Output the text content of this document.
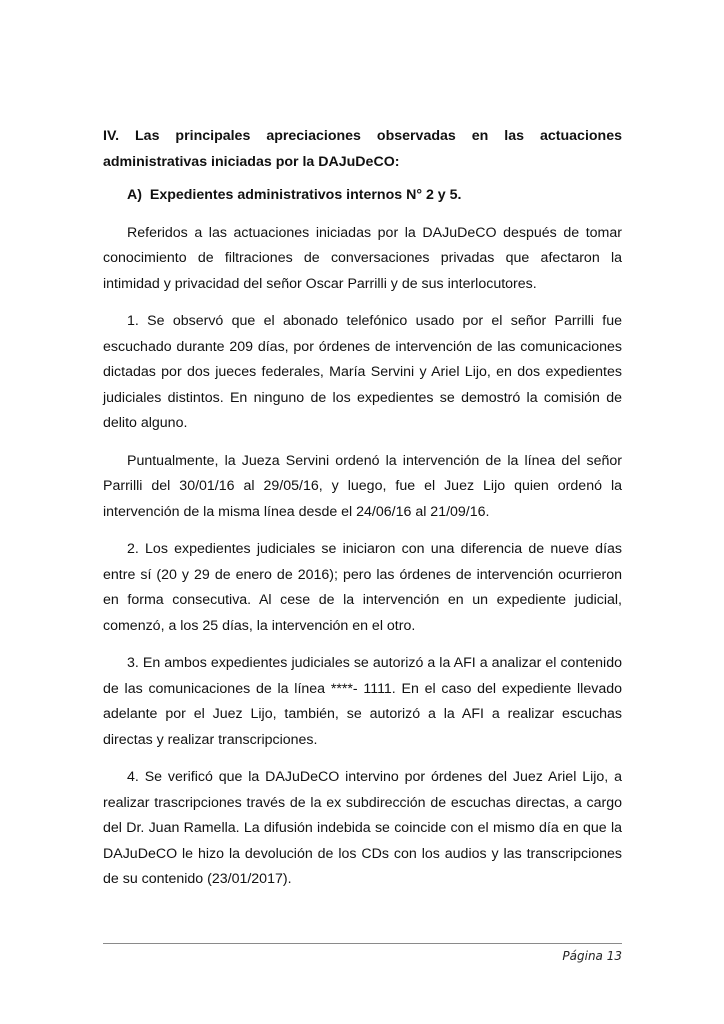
IV. Las principales apreciaciones observadas en las actuaciones administrativas iniciadas por la DAJuDeCO:

A)  Expedientes administrativos internos N° 2 y 5.

Referidos a las actuaciones iniciadas por la DAJuDeCO después de tomar conocimiento de filtraciones de conversaciones privadas que afectaron la intimidad y privacidad del señor Oscar Parrilli y de sus interlocutores.

1. Se observó que el abonado telefónico usado por el señor Parrilli fue escuchado durante 209 días, por órdenes de intervención de las comunicaciones dictadas por dos jueces federales, María Servini y Ariel Lijo, en dos expedientes judiciales distintos. En ninguno de los expedientes se demostró la comisión de delito alguno.

Puntualmente, la Jueza Servini ordenó la intervención de la línea del señor Parrilli del 30/01/16 al 29/05/16, y luego, fue el Juez Lijo quien ordenó la intervención de la misma línea desde el 24/06/16 al 21/09/16.

2. Los expedientes judiciales se iniciaron con una diferencia de nueve días entre sí (20 y 29 de enero de 2016); pero las órdenes de intervención ocurrieron en forma consecutiva. Al cese de la intervención en un expediente judicial, comenzó, a los 25 días, la intervención en el otro.

3. En ambos expedientes judiciales se autorizó a la AFI a analizar el contenido de las comunicaciones de la línea ****- 1111. En el caso del expediente llevado adelante por el Juez Lijo, también, se autorizó a la AFI a realizar escuchas directas y realizar transcripciones.

4. Se verificó que la DAJuDeCO intervino por órdenes del Juez Ariel Lijo, a realizar trascripciones través de la ex subdirección de escuchas directas, a cargo del Dr. Juan Ramella. La difusión indebida se coincide con el mismo día en que la DAJuDeCO le hizo la devolución de los CDs con los audios y las transcripciones de su contenido (23/01/2017).

Página 13
